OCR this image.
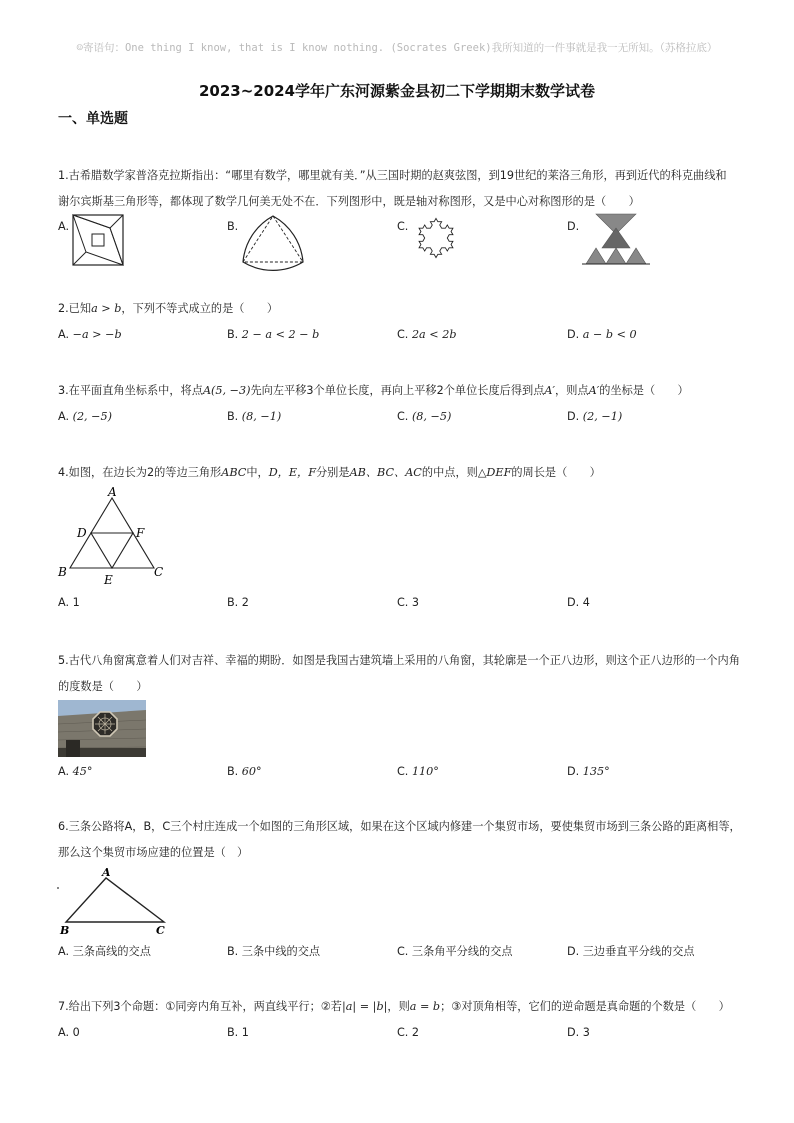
☺寄语句：One thing I know, that is I know nothing. (Socrates Greek)我所知道的一件事就是我一无所知。（苏格拉底）
2023~2024学年广东河源紫金县初二下学期期末数学试卷
一、单选题
1.古希腊数学家普洛克拉斯指出：“哪里有数学，哪里就有美．”从三国时期的赵爽弦图，到19世纪的莱洛三角形，再到近代的科克曲线和
谢尔宾斯基三角形等，都体现了数学几何美无处不在．下列图形中，既是轴对称图形，又是中心对称图形的是（　　）
A.	B.	C.	D.
2.已知a > b，下列不等式成立的是（　　）
A. −a > −b	B. 2 − a < 2 − b	C. 2a < 2b	D. a − b < 0
3.在平面直角坐标系中，将点A(5, −3)先向左平移3个单位长度，再向上平移2个单位长度后得到点A′，则点A′的坐标是（　　）
A. (2, −5)	B. (8, −1)	C. (8, −5)	D. (2, −1)
4.如图，在边长为2的等边三角形ABC中，D，E，F分别是AB、BC、AC的中点，则△DEF的周长是（　　）
A
D	F
B
E
C
A. 1	B. 2	C. 3	D. 4
5.古代八角窗寓意着人们对吉祥、幸福的期盼．如图是我国古建筑墙上采用的八角窗，其轮廓是一个正八边形，则这个正八边形的一个内角
的度数是（　　）
A. 45°	B. 60°	C. 110°	D. 135°
6.三条公路将A，B，C三个村庄连成一个如图的三角形区域，如果在这个区域内修建一个集贸市场，要使集贸市场到三条公路的距离相等，
那么这个集贸市场应建的位置是（　）
A
B	C
A. 三条高线的交点	B. 三条中线的交点	C. 三条角平分线的交点	D. 三边垂直平分线的交点
7.给出下列3个命题：①同旁内角互补，两直线平行；②若|a| = |b|，则a = b；③对顶角相等，它们的逆命题是真命题的个数是（　　）
A. 0	B. 1	C. 2	D. 3
